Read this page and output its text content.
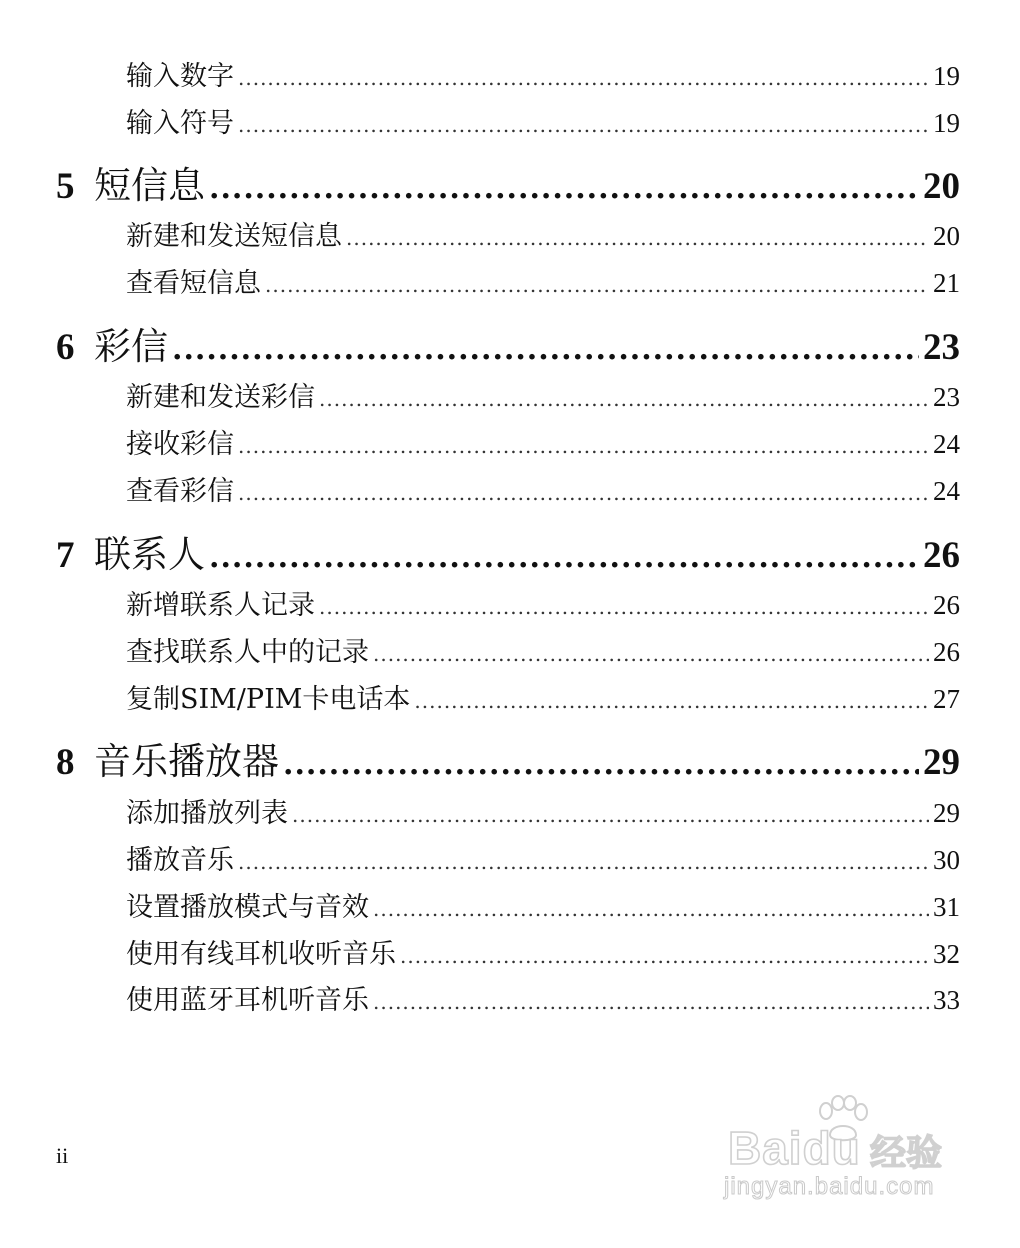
输入数字 .....	19
输入符号 .....	19
5 短信息 .....	20
新建和发送短信息 .....	20
查看短信息 .....	21
6 彩信 .....	23
新建和发送彩信 .....	23
接收彩信 .....	24
查看彩信 .....	24
7 联系人 .....	26
新增联系人记录 .....	26
查找联系人中的记录 .....	26
复制SIM/PIM卡电话本 .....	27
8 音乐播放器 .....	29
添加播放列表 .....	29
播放音乐 .....	30
设置播放模式与音效 .....	31
使用有线耳机收听音乐 .....	32
使用蓝牙耳机听音乐 .....	33
ii	Baidu 经验
jingyan.baidu.com
